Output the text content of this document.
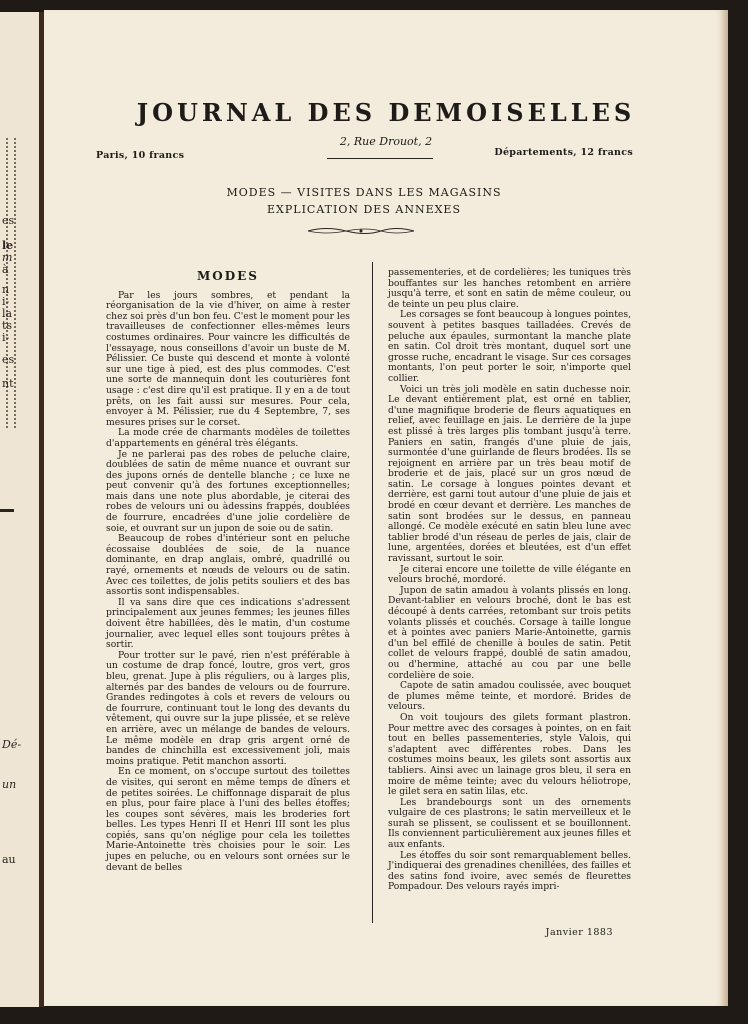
es
le
m
à
n
i-
la
ts
i-
es
nt
Dé-
un
au
JOURNAL DES DEMOISELLES
2, Rue Drouot, 2
Paris, 10 francs	Départements, 12 francs
MODES — VISITES DANS LES MAGASINS
EXPLICATION DES ANNEXES
MODES

Par les jours sombres, et pendant la réorganisation de la vie d'hiver, on aime à rester chez soi près d'un bon feu. C'est le moment pour les travailleuses de confectionner elles-mêmes leurs costumes ordinaires. Pour vaincre les difficultés de l'essayage, nous conseillons d'avoir un buste de M. Pélissier. Ce buste qui descend et monte à volonté sur une tige à pied, est des plus commodes. C'est une sorte de mannequin dont les couturières font usage : c'est dire qu'il est pratique. Il y en a de tout prêts, on les fait aussi sur mesures. Pour cela, envoyer à M. Pélissier, rue du 4 Septembre, 7, ses mesures prises sur le corset.

La mode crée de charmants modèles de toilettes d'appartements en général très élégants.

Je ne parlerai pas des robes de peluche claire, doublées de satin de même nuance et ouvrant sur des jupons ornés de dentelle blanche ; ce luxe ne peut convenir qu'à des fortunes exceptionnelles; mais dans une note plus abordable, je citerai des robes de velours uni ou àdessins frappés, doublées de fourrure, encadrées d'une jolie cordelière de soie, et ouvrant sur un jupon de soie ou de satin.

Beaucoup de robes d'intérieur sont en peluche écossaise doublées de soie, de la nuance dominante, en drap anglais, ombré, quadrillé ou rayé, ornements et nœuds de velours ou de satin. Avec ces toilettes, de jolis petits souliers et des bas assortis sont indispensables.

Il va sans dire que ces indications s'adressent principalement aux jeunes femmes; les jeunes filles doivent être habillées, dès le matin, d'un costume journalier, avec lequel elles sont toujours prêtes à sortir.

Pour trotter sur le pavé, rien n'est préférable à un costume de drap foncé, loutre, gros vert, gros bleu, grenat. Jupe à plis réguliers, ou à larges plis, alternés par des bandes de velours ou de fourrure. Grandes redingotes à cols et revers de velours ou de fourrure, continuant tout le long des devants du vêtement, qui ouvre sur la jupe plissée, et se relève en arrière, avec un mélange de bandes de velours. Le même modèle en drap gris argent orné de bandes de chinchilla est excessivement joli, mais moins pratique. Petit manchon assorti.

En ce moment, on s'occupe surtout des toilettes de visites, qui seront en même temps de dîners et de petites soirées. Le chiffonnage disparait de plus en plus, pour faire place à l'uni des belles étoffes; les coupes sont sévères, mais les broderies fort belles. Les types Henri II et Henri III sont les plus copiés, sans qu'on néglige pour cela les toilettes Marie-Antoinette très choisies pour le soir. Les jupes en peluche, ou en velours sont ornées sur le devant de belles

passementeries, et de cordelières; les tuniques très bouffantes sur les hanches retombent en arrière jusqu'à terre, et sont en satin de même couleur, ou de teinte un peu plus claire.

Les corsages se font beaucoup à longues pointes, souvent à petites basques tailladées. Crevés de peluche aux épaules, surmontant la manche plate en satin. Col droit très montant, duquel sort une grosse ruche, encadrant le visage. Sur ces corsages montants, l'on peut porter le soir, n'importe quel collier.

Voici un très joli modèle en satin duchesse noir. Le devant entièrement plat, est orné en tablier, d'une magnifique broderie de fleurs aquatiques en relief, avec feuillage en jais. Le derrière de la jupe est plissé à très larges plis tombant jusqu'à terre. Paniers en satin, frangés d'une pluie de jais, surmontée d'une guirlande de fleurs brodées. Ils se rejoignent en arrière par un très beau motif de broderie et de jais, placé sur un gros nœud de satin. Le corsage à longues pointes devant et derrière, est garni tout autour d'une pluie de jais et brodé en cœur devant et derrière. Les manches de satin sont brodées sur le dessus, en panneau allongé. Ce modèle exécuté en satin bleu lune avec tablier brodé d'un réseau de perles de jais, clair de lune, argentées, dorées et bleutées, est d'un effet ravissant, surtout le soir.

Je citerai encore une toilette de ville élégante en velours broché, mordoré.

Jupon de satin amadou à volants plissés en long. Devant-tablier en velours broché, dont le bas est découpé à dents carrées, retombant sur trois petits volants plissés et couchés. Corsage à taille longue et à pointes avec paniers Marie-Antoinette, garnis d'un bel effilé de chenille à boules de satin. Petit collet de velours frappé, doublé de satin amadou, ou d'hermine, attaché au cou par une belle cordelière de soie.

Capote de satin amadou coulissée, avec bouquet de plumes même teinte, et mordoré. Brides de velours.

On voit toujours des gilets formant plastron. Pour mettre avec des corsages à pointes, on en fait tout en belles passementeries, style Valois, qui s'adaptent avec différentes robes. Dans les costumes moins beaux, les gilets sont assortis aux tabliers. Ainsi avec un lainage gros bleu, il sera en moire de même teinte; avec du velours héliotrope, le gilet sera en satin lilas, etc.

Les brandebourgs sont un des ornements vulgaire de ces plastrons; le satin merveilleux et le surah se plissent, se coulissent et se bouillonnent. Ils conviennent particulièrement aux jeunes filles et aux enfants.

Les étoffes du soir sont remarquablement belles. J'indiquerai des grenadines chenillées, des failles et des satins fond ivoire, avec semés de fleurettes Pompadour. Des velours rayés impri-

Janvier 1883
